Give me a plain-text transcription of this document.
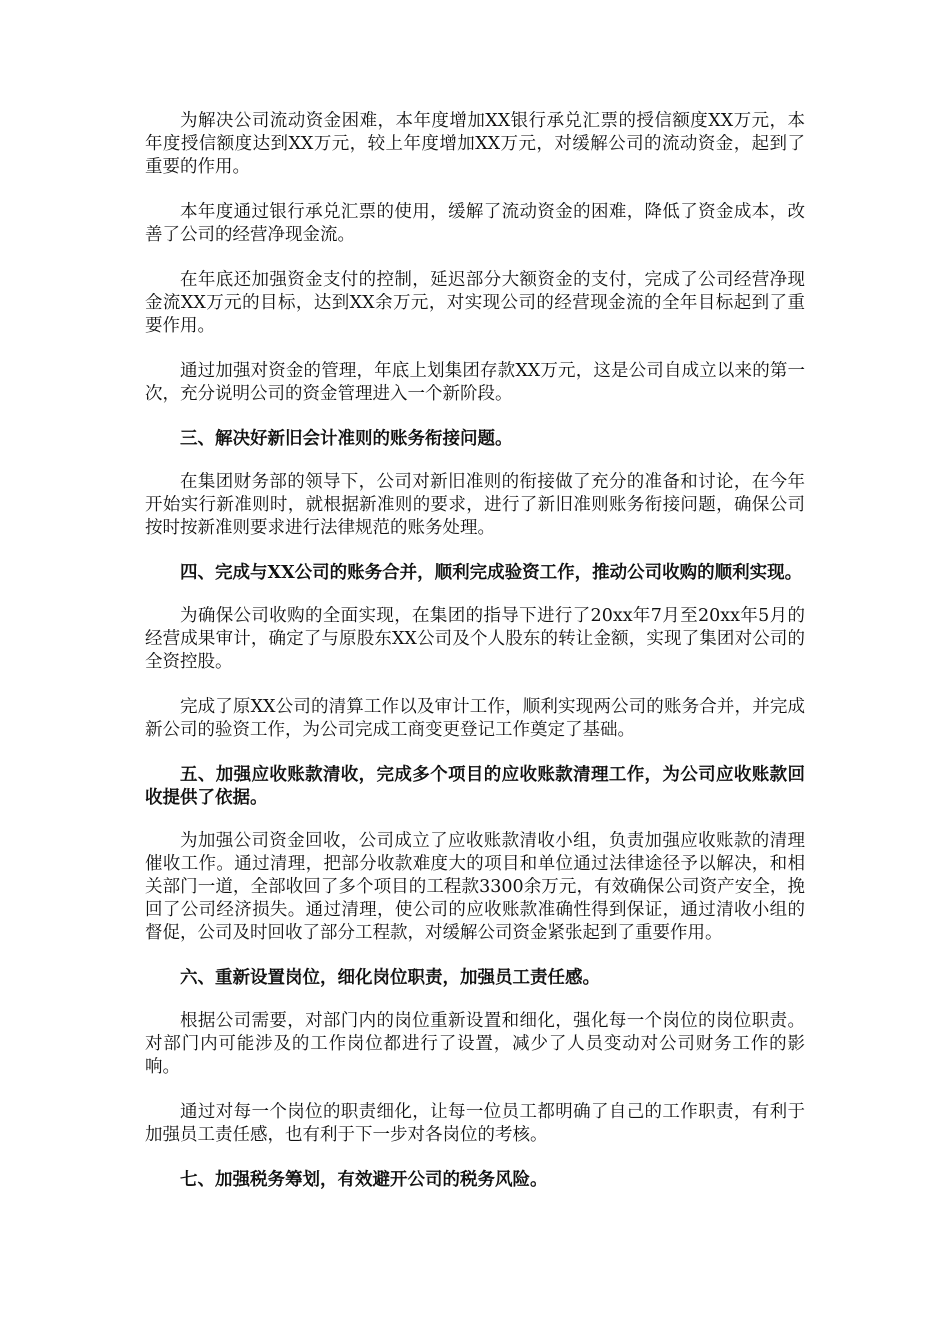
为解决公司流动资金困难，本年度增加XX银行承兑汇票的授信额度XX万元，本年度授信额度达到XX万元，较上年度增加XX万元，对缓解公司的流动资金，起到了重要的作用。

本年度通过银行承兑汇票的使用，缓解了流动资金的困难，降低了资金成本，改善了公司的经营净现金流。

在年底还加强资金支付的控制，延迟部分大额资金的支付，完成了公司经营净现金流XX万元的目标，达到XX余万元，对实现公司的经营现金流的全年目标起到了重要作用。

通过加强对资金的管理，年底上划集团存款XX万元，这是公司自成立以来的第一次，充分说明公司的资金管理进入一个新阶段。

三、解决好新旧会计准则的账务衔接问题。

在集团财务部的领导下，公司对新旧准则的衔接做了充分的准备和讨论，在今年开始实行新准则时，就根据新准则的要求，进行了新旧准则账务衔接问题，确保公司按时按新准则要求进行法律规范的账务处理。

四、完成与XX公司的账务合并，顺利完成验资工作，推动公司收购的顺利实现。

为确保公司收购的全面实现，在集团的指导下进行了20xx年7月至20xx年5月的经营成果审计，确定了与原股东XX公司及个人股东的转让金额，实现了集团对公司的全资控股。

完成了原XX公司的清算工作以及审计工作，顺利实现两公司的账务合并，并完成新公司的验资工作，为公司完成工商变更登记工作奠定了基础。

五、加强应收账款清收，完成多个项目的应收账款清理工作，为公司应收账款回收提供了依据。

为加强公司资金回收，公司成立了应收账款清收小组，负责加强应收账款的清理催收工作。通过清理，把部分收款难度大的项目和单位通过法律途径予以解决，和相关部门一道，全部收回了多个项目的工程款3300余万元，有效确保公司资产安全，挽回了公司经济损失。通过清理，使公司的应收账款准确性得到保证，通过清收小组的督促，公司及时回收了部分工程款，对缓解公司资金紧张起到了重要作用。

六、重新设置岗位，细化岗位职责，加强员工责任感。

根据公司需要，对部门内的岗位重新设置和细化，强化每一个岗位的岗位职责。对部门内可能涉及的工作岗位都进行了设置，减少了人员变动对公司财务工作的影响。

通过对每一个岗位的职责细化，让每一位员工都明确了自己的工作职责，有利于加强员工责任感，也有利于下一步对各岗位的考核。

七、加强税务筹划，有效避开公司的税务风险。
